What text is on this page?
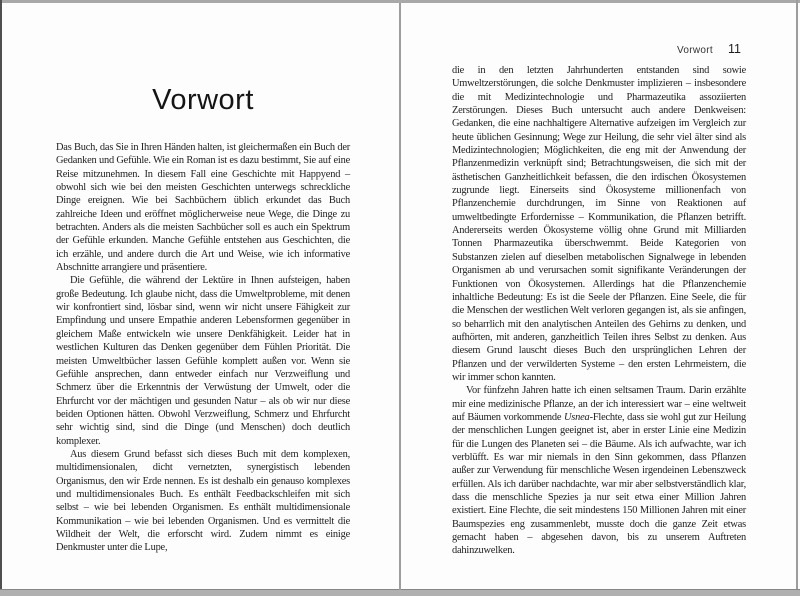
Vorwort

Das Buch, das Sie in Ihren Händen halten, ist gleichermaßen ein Buch der Gedanken und Gefühle. Wie ein Roman ist es dazu bestimmt, Sie auf eine Reise mitzunehmen. In diesem Fall eine Geschichte mit Happyend – obwohl sich wie bei den meisten Geschichten unterwegs schreckliche Dinge ereignen. Wie bei Sachbüchern üblich erkundet das Buch zahlreiche Ideen und eröffnet möglicherweise neue Wege, die Dinge zu betrachten. Anders als die meisten Sachbücher soll es auch ein Spektrum der Gefühle erkunden. Manche Gefühle entstehen aus Geschichten, die ich erzähle, und andere durch die Art und Weise, wie ich informative Abschnitte arrangiere und präsentiere.

Die Gefühle, die während der Lektüre in Ihnen aufsteigen, haben große Bedeutung. Ich glaube nicht, dass die Umweltprobleme, mit denen wir konfrontiert sind, lösbar sind, wenn wir nicht unsere Fähigkeit zur Empfindung und unsere Empathie anderen Lebensformen gegenüber in gleichem Maße entwickeln wie unsere Denkfähigkeit. Leider hat in westlichen Kulturen das Denken gegenüber dem Fühlen Priorität. Die meisten Umweltbücher lassen Gefühle komplett außen vor. Wenn sie Gefühle ansprechen, dann entweder einfach nur Verzweiflung und Schmerz über die Erkenntnis der Verwüstung der Umwelt, oder die Ehrfurcht vor der mächtigen und gesunden Natur – als ob wir nur diese beiden Optionen hätten. Obwohl Verzweiflung, Schmerz und Ehrfurcht sehr wichtig sind, sind die Dinge (und Menschen) doch deutlich komplexer.

Aus diesem Grund befasst sich dieses Buch mit dem komplexen, multidimensionalen, dicht vernetzten, synergistisch lebenden Organismus, den wir Erde nennen. Es ist deshalb ein genauso komplexes und multidimensionales Buch. Es enthält Feedbackschleifen mit sich selbst – wie bei lebenden Organismen. Es enthält multidimensionale Kommunikation – wie bei lebenden Organismen. Und es vermittelt die Wildheit der Welt, die erforscht wird. Zudem nimmt es einige Denkmuster unter die Lupe,

Vorwort 11

die in den letzten Jahrhunderten entstanden sind sowie Umweltzerstörungen, die solche Denkmuster implizieren – insbesondere die mit Medizintechnologie und Pharmazeutika assoziierten Zerstörungen. Dieses Buch untersucht auch andere Denkweisen: Gedanken, die eine nachhaltigere Alternative aufzeigen im Vergleich zur heute üblichen Gesinnung; Wege zur Heilung, die sehr viel älter sind als Medizintechnologien; Möglichkeiten, die eng mit der Anwendung der Pflanzenmedizin verknüpft sind; Betrachtungsweisen, die sich mit der ästhetischen Ganzheitlichkeit befassen, die den irdischen Ökosystemen zugrunde liegt. Einerseits sind Ökosysteme millionenfach von Pflanzenchemie durchdrungen, im Sinne von Reaktionen auf umweltbedingte Erfordernisse – Kommunikation, die Pflanzen betrifft. Andererseits werden Ökosysteme völlig ohne Grund mit Milliarden Tonnen Pharmazeutika überschwemmt. Beide Kategorien von Substanzen zielen auf dieselben metabolischen Signalwege in lebenden Organismen ab und verursachen somit signifikante Veränderungen der Funktionen von Ökosystemen. Allerdings hat die Pflanzenchemie inhaltliche Bedeutung: Es ist die Seele der Pflanzen. Eine Seele, die für die Menschen der westlichen Welt verloren gegangen ist, als sie anfingen, so beharrlich mit den analytischen Anteilen des Gehirns zu denken, und aufhörten, mit anderen, ganzheitlich Teilen ihres Selbst zu denken. Aus diesem Grund lauscht dieses Buch den ursprünglichen Lehren der Pflanzen und der verwilderten Systeme – den ersten Lehrmeistern, die wir immer schon kannten.

Vor fünfzehn Jahren hatte ich einen seltsamen Traum. Darin erzählte mir eine medizinische Pflanze, an der ich interessiert war – eine weltweit auf Bäumen vorkommende Usnea-Flechte, dass sie wohl gut zur Heilung der menschlichen Lungen geeignet ist, aber in erster Linie eine Medizin für die Lungen des Planeten sei – die Bäume. Als ich aufwachte, war ich verblüfft. Es war mir niemals in den Sinn gekommen, dass Pflanzen außer zur Verwendung für menschliche Wesen irgendeinen Lebenszweck erfüllen. Als ich darüber nachdachte, war mir aber selbstverständlich klar, dass die menschliche Spezies ja nur seit etwa einer Million Jahren existiert. Eine Flechte, die seit mindestens 150 Millionen Jahren mit einer Baumspezies eng zusammenlebt, musste doch die ganze Zeit etwas gemacht haben – abgesehen davon, bis zu unserem Auftreten dahinzuwelken.
